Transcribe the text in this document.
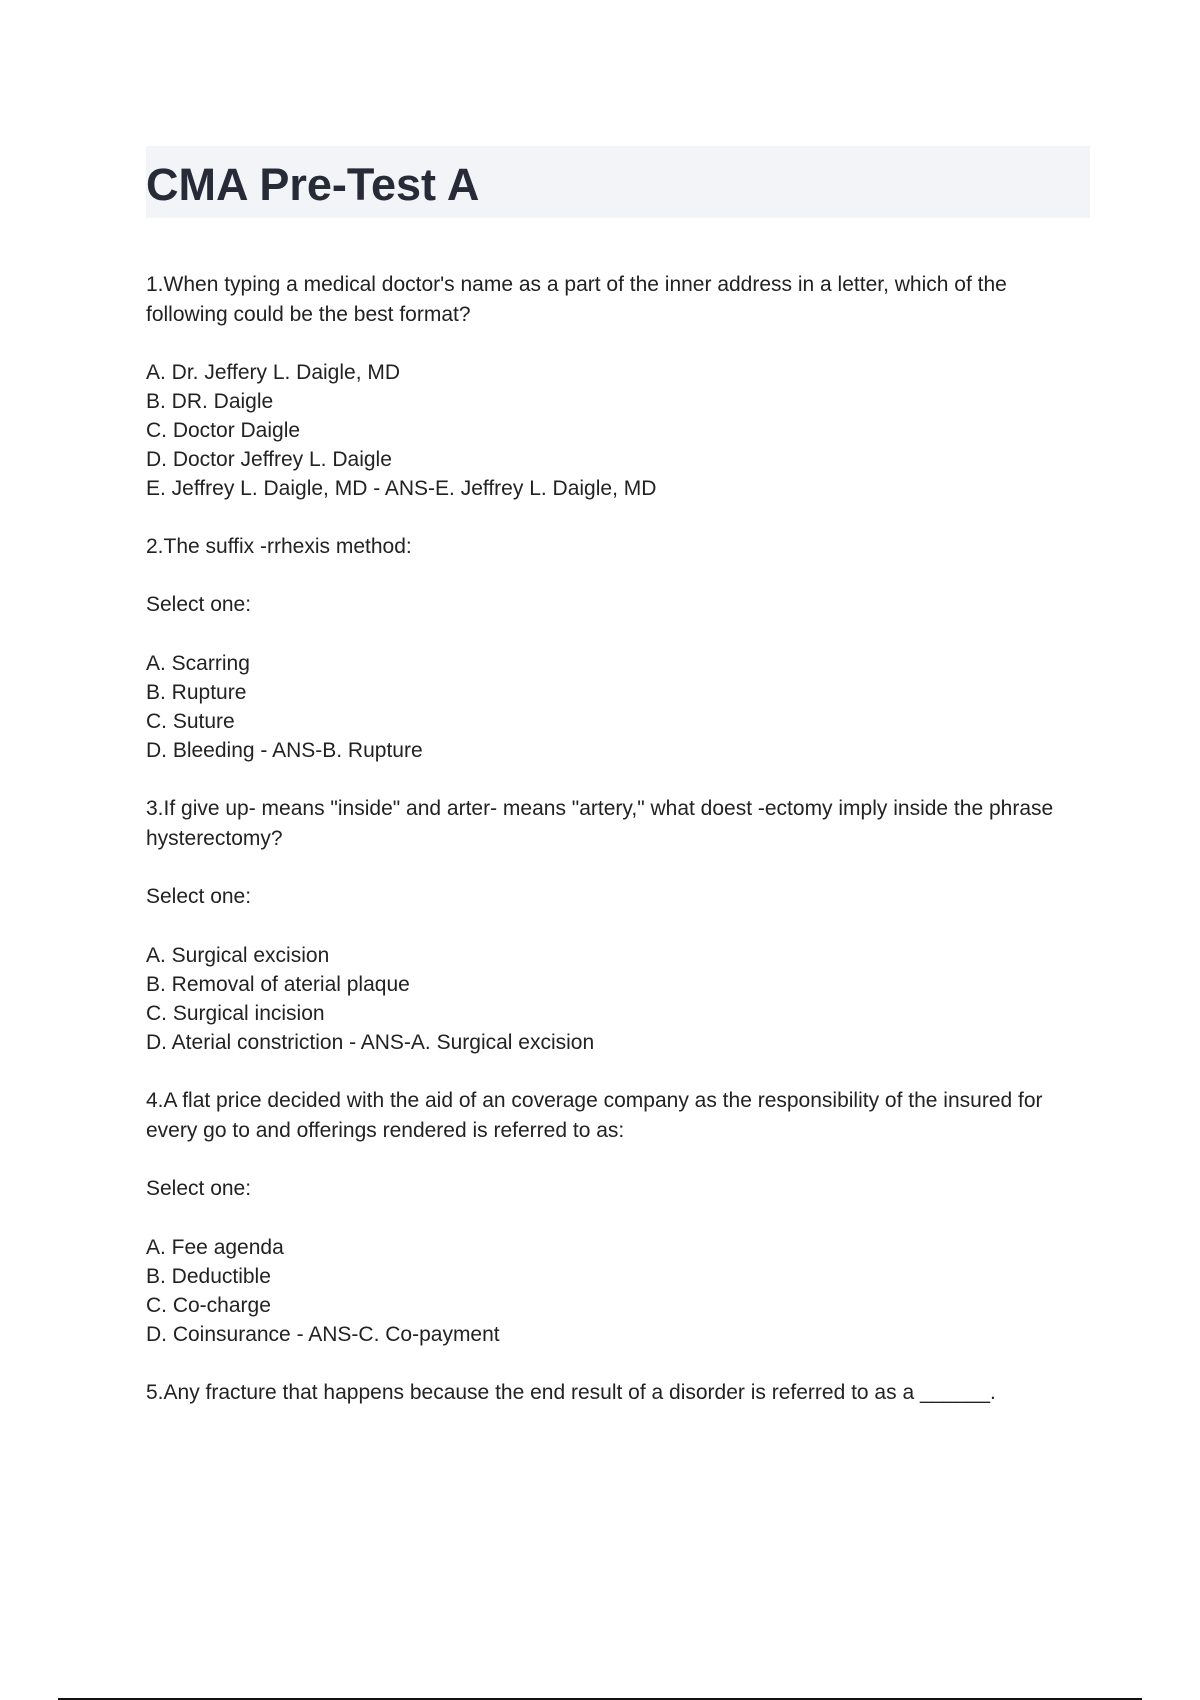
CMA Pre-Test A

1.When typing a medical doctor's name as a part of the inner address in a letter, which of the following could be the best format?

A. Dr. Jeffery L. Daigle, MD
B. DR. Daigle
C. Doctor Daigle
D. Doctor Jeffrey L. Daigle
E. Jeffrey L. Daigle, MD - ANS-E. Jeffrey L. Daigle, MD

2.The suffix -rrhexis method:

Select one:

A. Scarring
B. Rupture
C. Suture
D. Bleeding - ANS-B. Rupture

3.If give up- means "inside" and arter- means "artery," what doest -ectomy imply inside the phrase hysterectomy?

Select one:

A. Surgical excision
B. Removal of aterial plaque
C. Surgical incision
D. Aterial constriction - ANS-A. Surgical excision

4.A flat price decided with the aid of an coverage company as the responsibility of the insured for every go to and offerings rendered is referred to as:

Select one:

A. Fee agenda
B. Deductible
C. Co-charge
D. Coinsurance - ANS-C. Co-payment

5.Any fracture that happens because the end result of a disorder is referred to as a ______.
